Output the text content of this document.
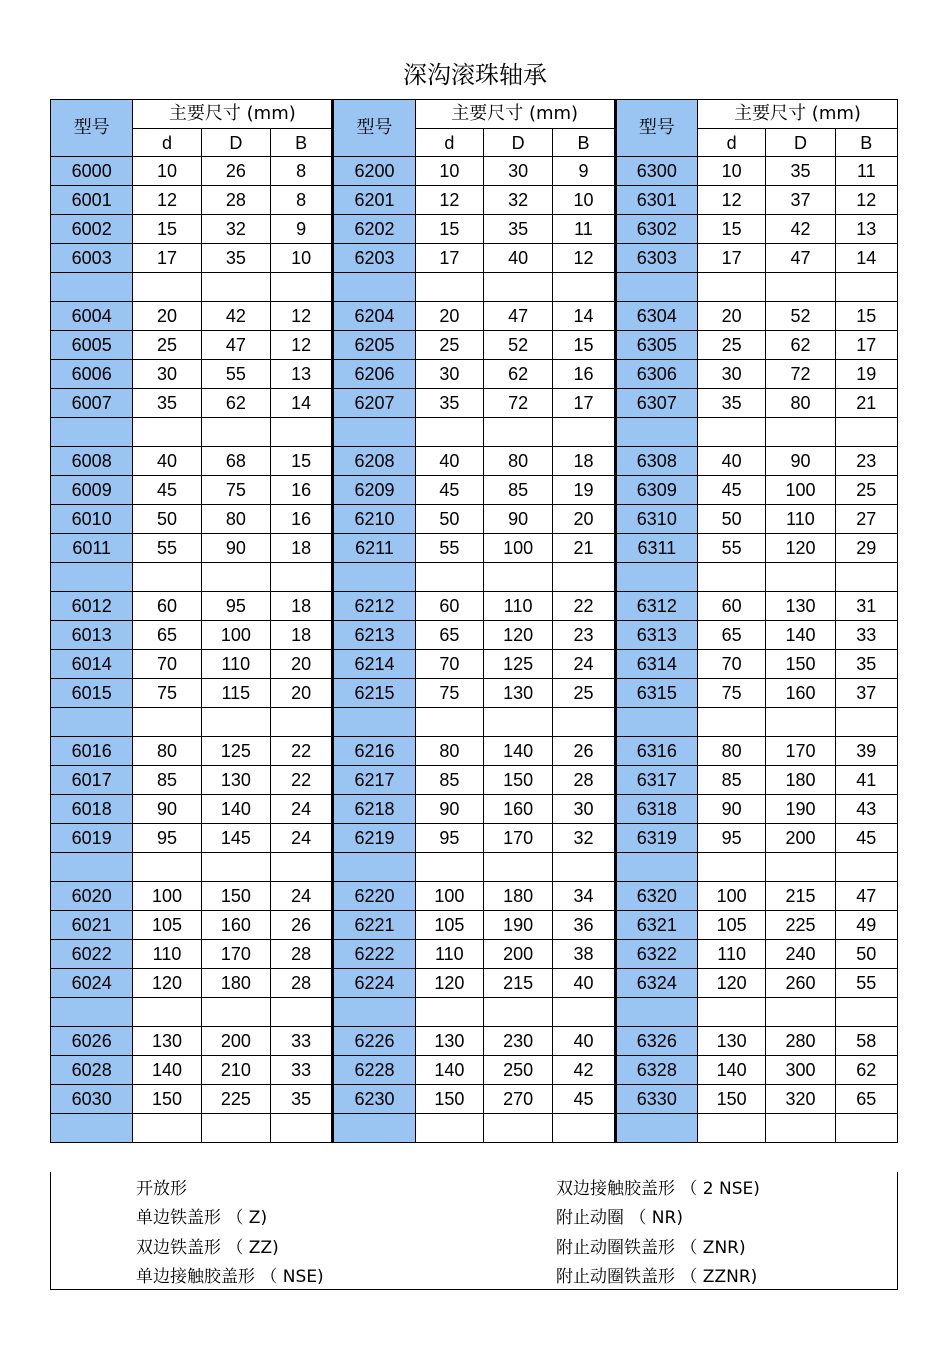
深沟滚珠轴承
型号	主要尺寸 (mm)			型号	主要尺寸 (mm)			型号	主要尺寸 (mm)		
	d	D	B		d	D	B		d	D	B
6000	10	26	8	6200	10	30	9	6300	10	35	11
6001	12	28	8	6201	12	32	10	6301	12	37	12
6002	15	32	9	6202	15	35	11	6302	15	42	13
6003	17	35	10	6203	17	40	12	6303	17	47	14

6004	20	42	12	6204	20	47	14	6304	20	52	15
6005	25	47	12	6205	25	52	15	6305	25	62	17
6006	30	55	13	6206	30	62	16	6306	30	72	19
6007	35	62	14	6207	35	72	17	6307	35	80	21

6008	40	68	15	6208	40	80	18	6308	40	90	23
6009	45	75	16	6209	45	85	19	6309	45	100	25
6010	50	80	16	6210	50	90	20	6310	50	110	27
6011	55	90	18	6211	55	100	21	6311	55	120	29

6012	60	95	18	6212	60	110	22	6312	60	130	31
6013	65	100	18	6213	65	120	23	6313	65	140	33
6014	70	110	20	6214	70	125	24	6314	70	150	35
6015	75	115	20	6215	75	130	25	6315	75	160	37

6016	80	125	22	6216	80	140	26	6316	80	170	39
6017	85	130	22	6217	85	150	28	6317	85	180	41
6018	90	140	24	6218	90	160	30	6318	90	190	43
6019	95	145	24	6219	95	170	32	6319	95	200	45

6020	100	150	24	6220	100	180	34	6320	100	215	47
6021	105	160	26	6221	105	190	36	6321	105	225	49
6022	110	170	28	6222	110	200	38	6322	110	240	50
6024	120	180	28	6224	120	215	40	6324	120	260	55

6026	130	200	33	6226	130	230	40	6326	130	280	58
6028	140	210	33	6228	140	250	42	6328	140	300	62
6030	150	225	35	6230	150	270	45	6330	150	320	65

开放形
单边铁盖形 （ Z)
双边铁盖形 （ ZZ)
单边接触胶盖形 （ NSE)
双边接触胶盖形 （ 2 NSE)
附止动圈 （ NR)
附止动圈铁盖形 （ ZNR)
附止动圈铁盖形 （ ZZNR)
